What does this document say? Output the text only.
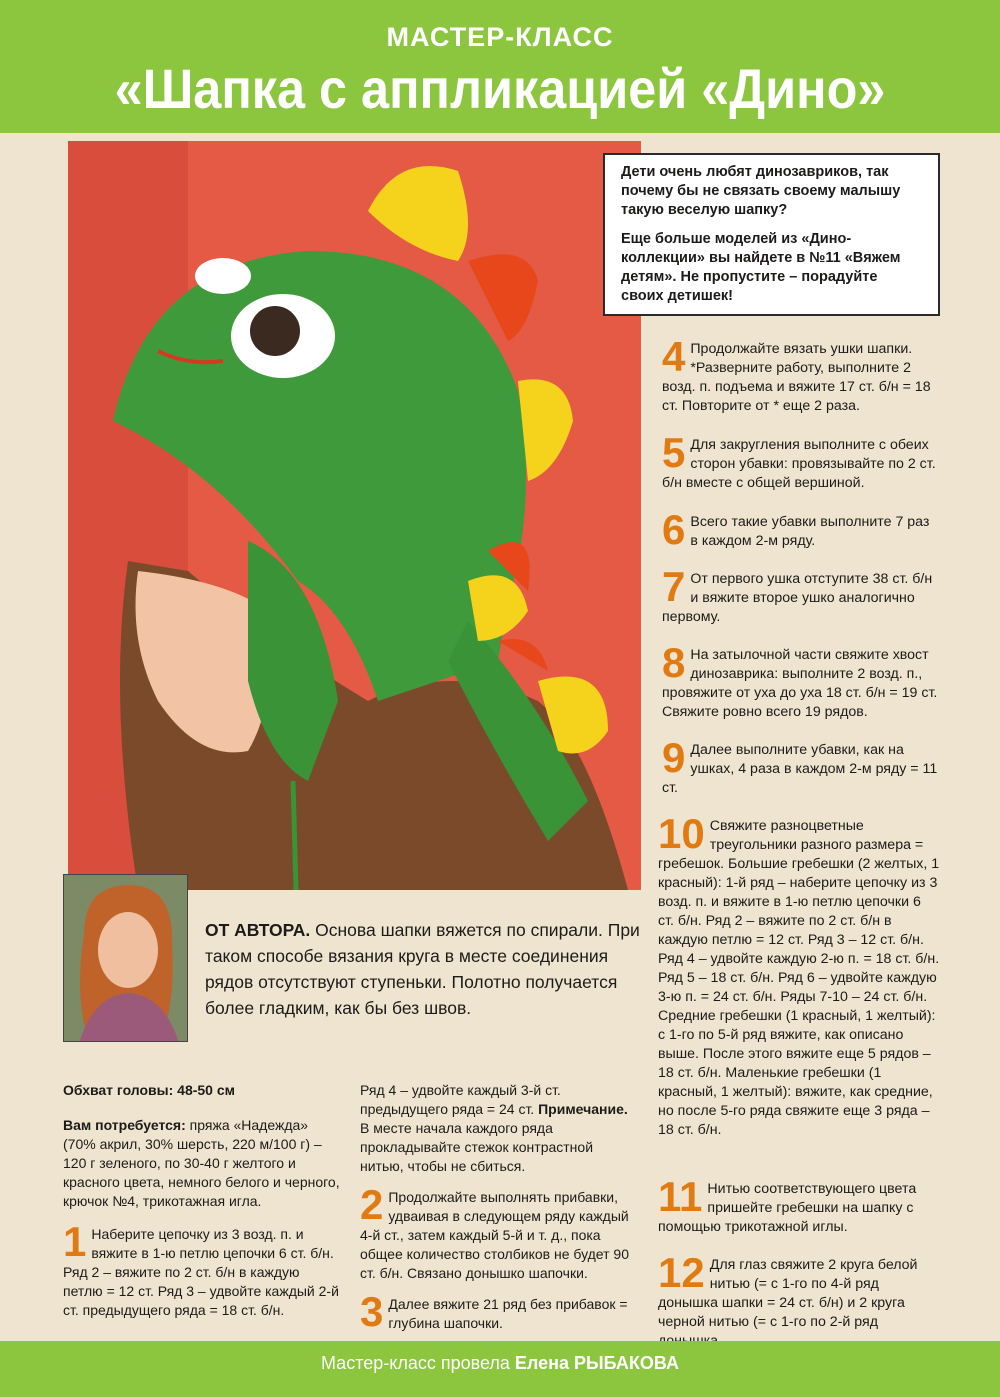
МАСТЕР-КЛАСС
«Шапка с аппликацией «Дино»

Дети очень любят динозавриков, так почему бы не связать своему малышу такую веселую шапку?

Еще больше моделей из «Дино-коллекции» вы найдете в №11 «Вяжем детям». Не пропустите – порадуйте своих детишек!

4 Продолжайте вязать ушки шапки. *Разверните работу, выполните 2 возд. п. подъема и вяжите 17 ст. б/н = 18 ст. Повторите от * еще 2 раза.
5 Для закругления выполните с обеих сторон убавки: провязывайте по 2 ст. б/н вместе с общей вершиной.
6 Всего такие убавки выполните 7 раз в каждом 2-м ряду.
7 От первого ушка отступите 38 ст. б/н и вяжите второе ушко аналогично первому.
8 На затылочной части свяжите хвост динозаврика: выполните 2 возд. п., провяжите от уха до уха 18 ст. б/н = 19 ст. Свяжите ровно всего 19 рядов.
9 Далее выполните убавки, как на ушках, 4 раза в каждом 2-м ряду = 11 ст.
10 Свяжите разноцветные треугольники разного размера = гребешок. Большие гребешки (2 желтых, 1 красный): 1-й ряд – наберите цепочку из 3 возд. п. и вяжите в 1-ю петлю цепочки 6 ст. б/н. Ряд 2 – вяжите по 2 ст. б/н в каждую петлю = 12 ст. Ряд 3 – 12 ст. б/н. Ряд 4 – удвойте каждую 2-ю п. = 18 ст. б/н. Ряд 5 – 18 ст. б/н. Ряд 6 – удвойте каждую 3-ю п. = 24 ст. б/н. Ряды 7-10 – 24 ст. б/н. Средние гребешки (1 красный, 1 желтый): с 1-го по 5-й ряд вяжите, как описано выше. После этого вяжите еще 5 рядов – 18 ст. б/н. Маленькие гребешки (1 красный, 1 желтый): вяжите, как средние, но после 5-го ряда свяжите еще 3 ряда – 18 ст. б/н.
11 Нитью соответствующего цвета пришейте гребешки на шапку с помощью трикотажной иглы.
12 Для глаз свяжите 2 круга белой нитью (= с 1-го по 4-й ряд донышка шапки = 24 ст. б/н) и 2 круга черной нитью (= с 1-го по 2-й ряд
ОТ АВТОРА. Основа шапки вяжется по спирали. При таком способе вязания круга в месте соединения рядов отсутствуют ступеньки. Полотно получается более гладким, как бы без швов.
Обхват головы: 48-50 см
Вам потребуется: пряжа «Надежда» (70% акрил, 30% шерсть, 220 м/100 г) – 120 г зеленого, по 30-40 г желтого и красного цвета, немного белого и черного, крючок №4, трикотажная игла.
1 Наберите цепочку из 3 возд. п. и вяжите в 1-ю петлю цепочки 6 ст. б/н. Ряд 2 – вяжите по 2 ст. б/н в каждую петлю = 12 ст. Ряд 3 – удвойте каждый 2-й ст. предыдущего ряда = 18 ст. б/н.
Ряд 4 – удвойте каждый 3-й ст. предыдущего ряда = 24 ст. Примечание. В месте начала каждого ряда прокладывайте стежок контрастной нитью, чтобы не сбиться.
2 Продолжайте выполнять прибавки, удваивая в следующем ряду каждый 4-й ст., затем каждый 5-й и т. д., пока общее количество столбиков не будет 90 ст. б/н. Связано донышко шапочки.
3 Далее вяжите 21 ряд без прибавок = глубина шапочки.
Мастер-класс провела Елена РЫБАКОВА
